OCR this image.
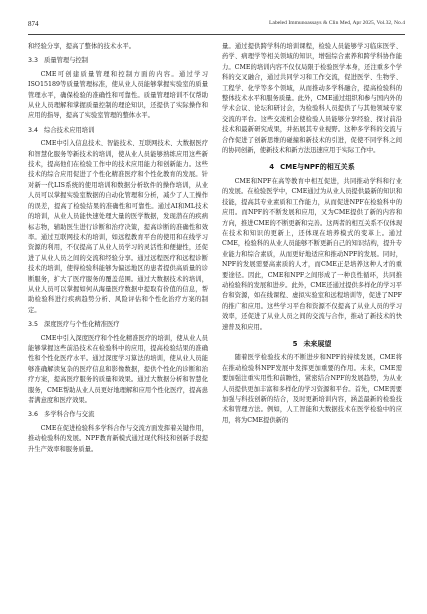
874	Labeled Immunoassays & Clin Med, Apr 2025, Vol.32, No.4

和经验分享，提高了整体的技术水平。

3.3 质量管理与控制

CME可创建质量管理和控制方面的内容。通过学习ISO15189等质量管理标准，使从业人员能够掌握实验室的质量管理水平，确保检验的准确性和可靠性。质量管理培训不仅帮助从业人员理解和掌握质量控制的理论知识，还提供了实际操作和应用的指导，提高了实验室管理的整体水平。

3.4 综合技术应用培训

CME中引入信息技术、智能技术、互联网技术、大数据医疗和智慧化服务等新技术的培训，使从业人员能够熟练应用这些新技术，提高他们在检验工作中的技术应用能力和创新能力。这些技术的综合应用促进了个性化精准医疗和个性化教育的发展。针对新一代LIS系统的使用培训和数据分析软件的操作培训，从业人员可以掌握实验室数据的自动化管理和分析，减少了人工操作的误差，提高了检验结果的准确性和可靠性。通过AI和ML技术的培训，从业人员能快速处理大量的医学数据，发现潜在的疾病标志物，辅助医生进行诊断和治疗决策，提高诊断的准确性和效率。通过互联网技术的培训，如远程教育平台的使用和在线学习资源的利用，不仅提高了从业人员学习的灵活性和便捷性，还促进了从业人员之间的交流和经验分享。通过远程医疗和远程诊断技术的培训，使得检验科能够为偏远地区的患者提供高质量的诊断服务，扩大了医疗服务的覆盖范围。通过大数据技术的培训，从业人员可以掌握如何从海量医疗数据中提取有价值的信息，帮助检验科进行疾病趋势分析、风险评估和个性化治疗方案的制定。

3.5 深度医疗与个性化精准医疗

CME中引入深度医疗和个性化精准医疗的培训，使从业人员能够掌握这些前沿技术在检验科中的应用，提高检验结果的准确性和个性化医疗水平。通过深度学习算法的培训，使从业人员能够准确解读复杂的医疗信息和影像数据，提供个性化的诊断和治疗方案，提高医疗服务的质量和效果。通过大数据分析和智慧化服务，CME帮助从业人员更好地理解和应用个性化医疗，提高患者满意度和医疗效果。

3.6 多学科合作与交流

CME在促进检验科多学科合作与交流方面发挥着关键作用，推动检验科的发展。NPF教育新模式通过现代科技和创新手段提升生产效率和服务质量。

量。通过提供跨学科的培训课程，检验人员能够学习临床医学、药学、病理学等相关领域的知识，增强综合素养和跨学科协作能力。CME的培训内容不仅仅局限于检验医学本身，还注重多个学科的交叉融合，通过共同学习和工作交流，促进医学、生物学、工程学、化学等多个领域，从而推动多学科融合，提高检验科的整体技术水平和服务质量。此外，CME通过组织和参与国内外的学术会议、论坛和研讨会，为检验科人员提供了与其他领域专家交流的平台。这些交流机会使检验人员能够分享经验、探讨前沿技术和最新研究成果，并拓展其专业视野。这种多学科的交流与合作促进了创新思维的碰撞和新技术的引进，促使不同学科之间的协同创新，使新技术和新方法迅速应用于实际工作中。

4 CME与NPF的相互关系

CME和NPF在高等教育中相互促进，共同推动学科和行业的发展。在检验医学中，CME通过为从业人员提供最新的知识和技能，提高其专业素质和工作能力，从而促进NPF在检验科中的应用。而NPF的不断发展和应用，又为CME提供了新的内容和方向，推进CME的不断更新和完善。这两者的相互关系不仅体现在技术和知识的更新上，还体现在培养模式的变革上。通过CME，检验科的从业人员能够不断更新自己的知识结构，提升专业能力和综合素质，从而更好地适应和推动NPF的发展。同时，NPF的发展需要高素质的人才，而CME正是培养这种人才的重要途径。因此，CME和NPF之间形成了一种良性循环，共同推动检验科的发展和进步。此外，CME还通过提供多样化的学习平台和资源，如在线课程、虚拟实验室和远程培训等，促进了NPF的推广和应用。这些学习平台和资源不仅提高了从业人员的学习效率，还促进了从业人员之间的交流与合作，推动了新技术的快速普及和应用。

5 未来展望

随着医学检验技术的不断进步和NPF的持续发展，CME将在推动检验科NPF发展中发挥更加重要的作用。未来，CME需要加强注重实用性和前瞻性，紧密结合NPF的发展趋势，为从业人员提供更加丰富和多样化的学习资源和平台。首先，CME需要加强与科技创新的结合，及时更新培训内容，涵盖最新的检验技术和管理方法。例如，人工智能和大数据技术在医学检验中的应用，将为CME提供新的
